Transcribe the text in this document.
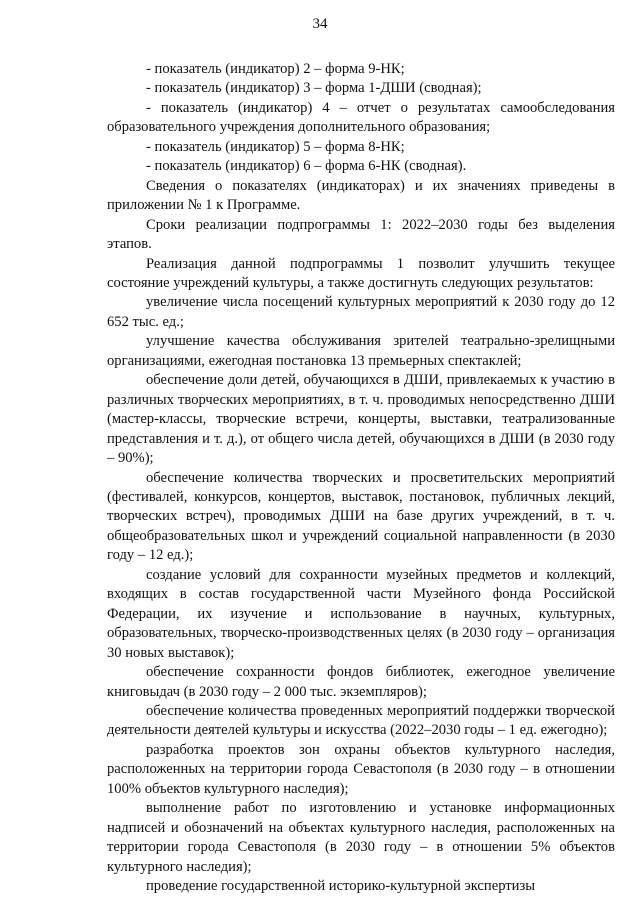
34

- показатель (индикатор) 2 – форма 9-НК;

- показатель (индикатор) 3 – форма 1-ДШИ (сводная);

- показатель (индикатор) 4 – отчет о результатах самообследования образовательного учреждения дополнительного образования;

- показатель (индикатор) 5 – форма 8-НК;

- показатель (индикатор) 6 – форма 6-НК (сводная).

Сведения о показателях (индикаторах) и их значениях приведены в приложении № 1 к Программе.

Сроки реализации подпрограммы 1: 2022–2030 годы без выделения этапов.

Реализация данной подпрограммы 1 позволит улучшить текущее состояние учреждений культуры, а также достигнуть следующих результатов:

увеличение числа посещений культурных мероприятий к 2030 году до 12 652 тыс. ед.;

улучшение качества обслуживания зрителей театрально-зрелищными организациями, ежегодная постановка 13 премьерных спектаклей;

обеспечение доли детей, обучающихся в ДШИ, привлекаемых к участию в различных творческих мероприятиях, в т. ч. проводимых непосредственно ДШИ (мастер-классы, творческие встречи, концерты, выставки, театрализованные представления и т. д.), от общего числа детей, обучающихся в ДШИ (в 2030 году – 90%);

обеспечение количества творческих и просветительских мероприятий (фестивалей, конкурсов, концертов, выставок, постановок, публичных лекций, творческих встреч), проводимых ДШИ на базе других учреждений, в т. ч. общеобразовательных школ и учреждений социальной направленности (в 2030 году – 12 ед.);

создание условий для сохранности музейных предметов и коллекций, входящих в состав государственной части Музейного фонда Российской Федерации, их изучение и использование в научных, культурных, образовательных, творческо-производственных целях (в 2030 году – организация 30 новых выставок);

обеспечение сохранности фондов библиотек, ежегодное увеличение книговыдач (в 2030 году – 2 000 тыс. экземпляров);

обеспечение количества проведенных мероприятий поддержки творческой деятельности деятелей культуры и искусства (2022–2030 годы – 1 ед. ежегодно);

разработка проектов зон охраны объектов культурного наследия, расположенных на территории города Севастополя (в 2030 году – в отношении 100% объектов культурного наследия);

выполнение работ по изготовлению и установке информационных надписей и обозначений на объектах культурного наследия, расположенных на территории города Севастополя (в 2030 году – в отношении 5% объектов культурного наследия);

проведение государственной историко-культурной экспертизы
